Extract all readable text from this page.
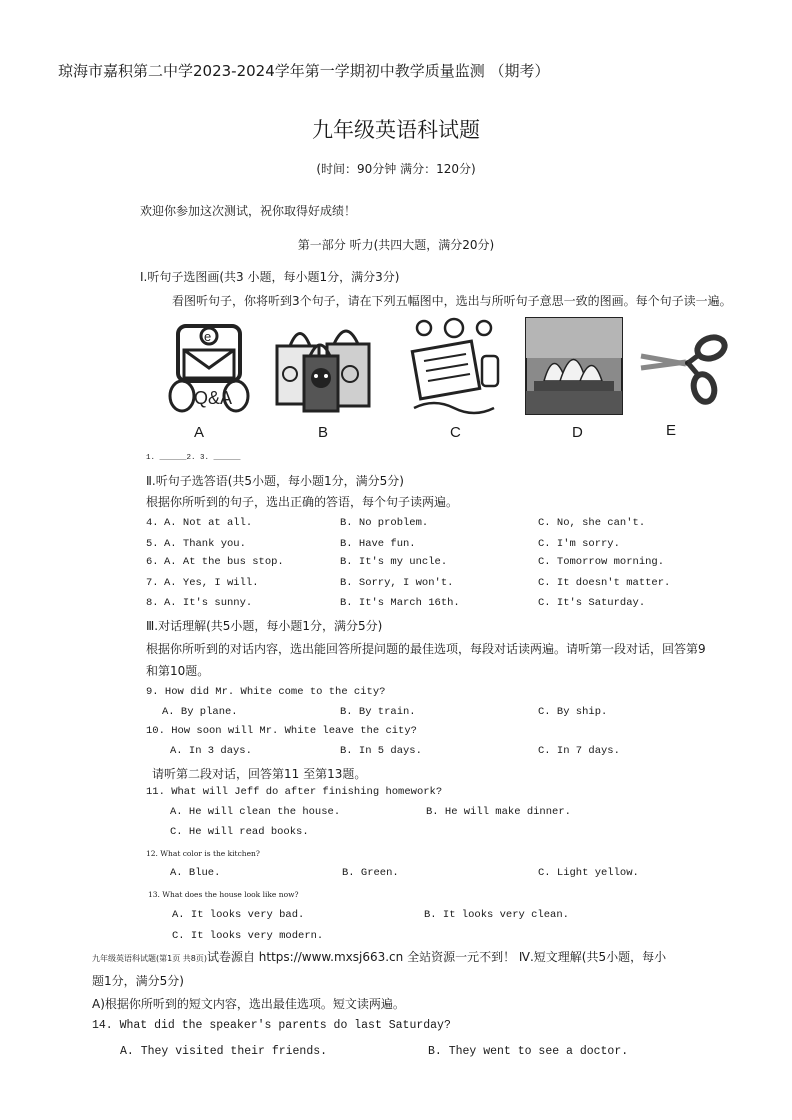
琼海市嘉积第二中学2023-2024学年第一学期初中教学质量监测 （期考）
九年级英语科试题
(时间：90分钟 满分：120分)
欢迎你参加这次测试，祝你取得好成绩！
第一部分 听力(共四大题，满分20分)
I.听句子选图画(共3 小题，每小题1分，满分3分)
看图听句子，你将听到3个句子，请在下列五幅图中，选出与所听句子意思一致的图画。每个句子读一遍。
e
Q&A
A	B	C	D	E
1. ______2. 3. ______
Ⅱ.听句子选答语(共5小题，每小题1分，满分5分)
根据你所听到的句子，选出正确的答语，每个句子读两遍。
4. A. Not at all.	B. No problem.	C. No, she can't.
5. A. Thank you.	B. Have fun.	C. I'm sorry.
6. A. At the bus stop.	B. It's my uncle.	C. Tomorrow morning.
7. A. Yes, I will.	B. Sorry, I won't.	C. It doesn't matter.
8. A. It's sunny.	B. It's March 16th.	C. It's Saturday.
Ⅲ.对话理解(共5小题，每小题1分，满分5分)
根据你所听到的对话内容，选出能回答所提问题的最佳选项，每段对话读两遍。请听第一段对话，回答第9
和第10题。
9. How did Mr. White come to the city?
A. By plane.	B. By train.	C. By ship.
10. How soon will Mr. White leave the city?
A. In 3 days.	B. In 5 days.	C. In 7 days.
请听第二段对话，回答第11 至第13题。
11. What will Jeff do after finishing homework?
A. He will clean the house.	B. He will make dinner.
C. He will read books.
12. What color is the kitchen?
A. Blue.	B. Green.	C. Light yellow.
13. What does the house look like now?
A. It looks very bad.	B. It looks very clean.
C. It looks very modern.
九年级英语科试题(第1页 共8页)试卷源自 https://www.mxsj663.cn 全站资源一元不到！ Ⅳ.短文理解(共5小题，每小
题1分，满分5分)
A)根据你所听到的短文内容，选出最佳选项。短文读两遍。
14. What did the speaker's parents do last Saturday?
A. They visited their friends.	B. They went to see a doctor.
